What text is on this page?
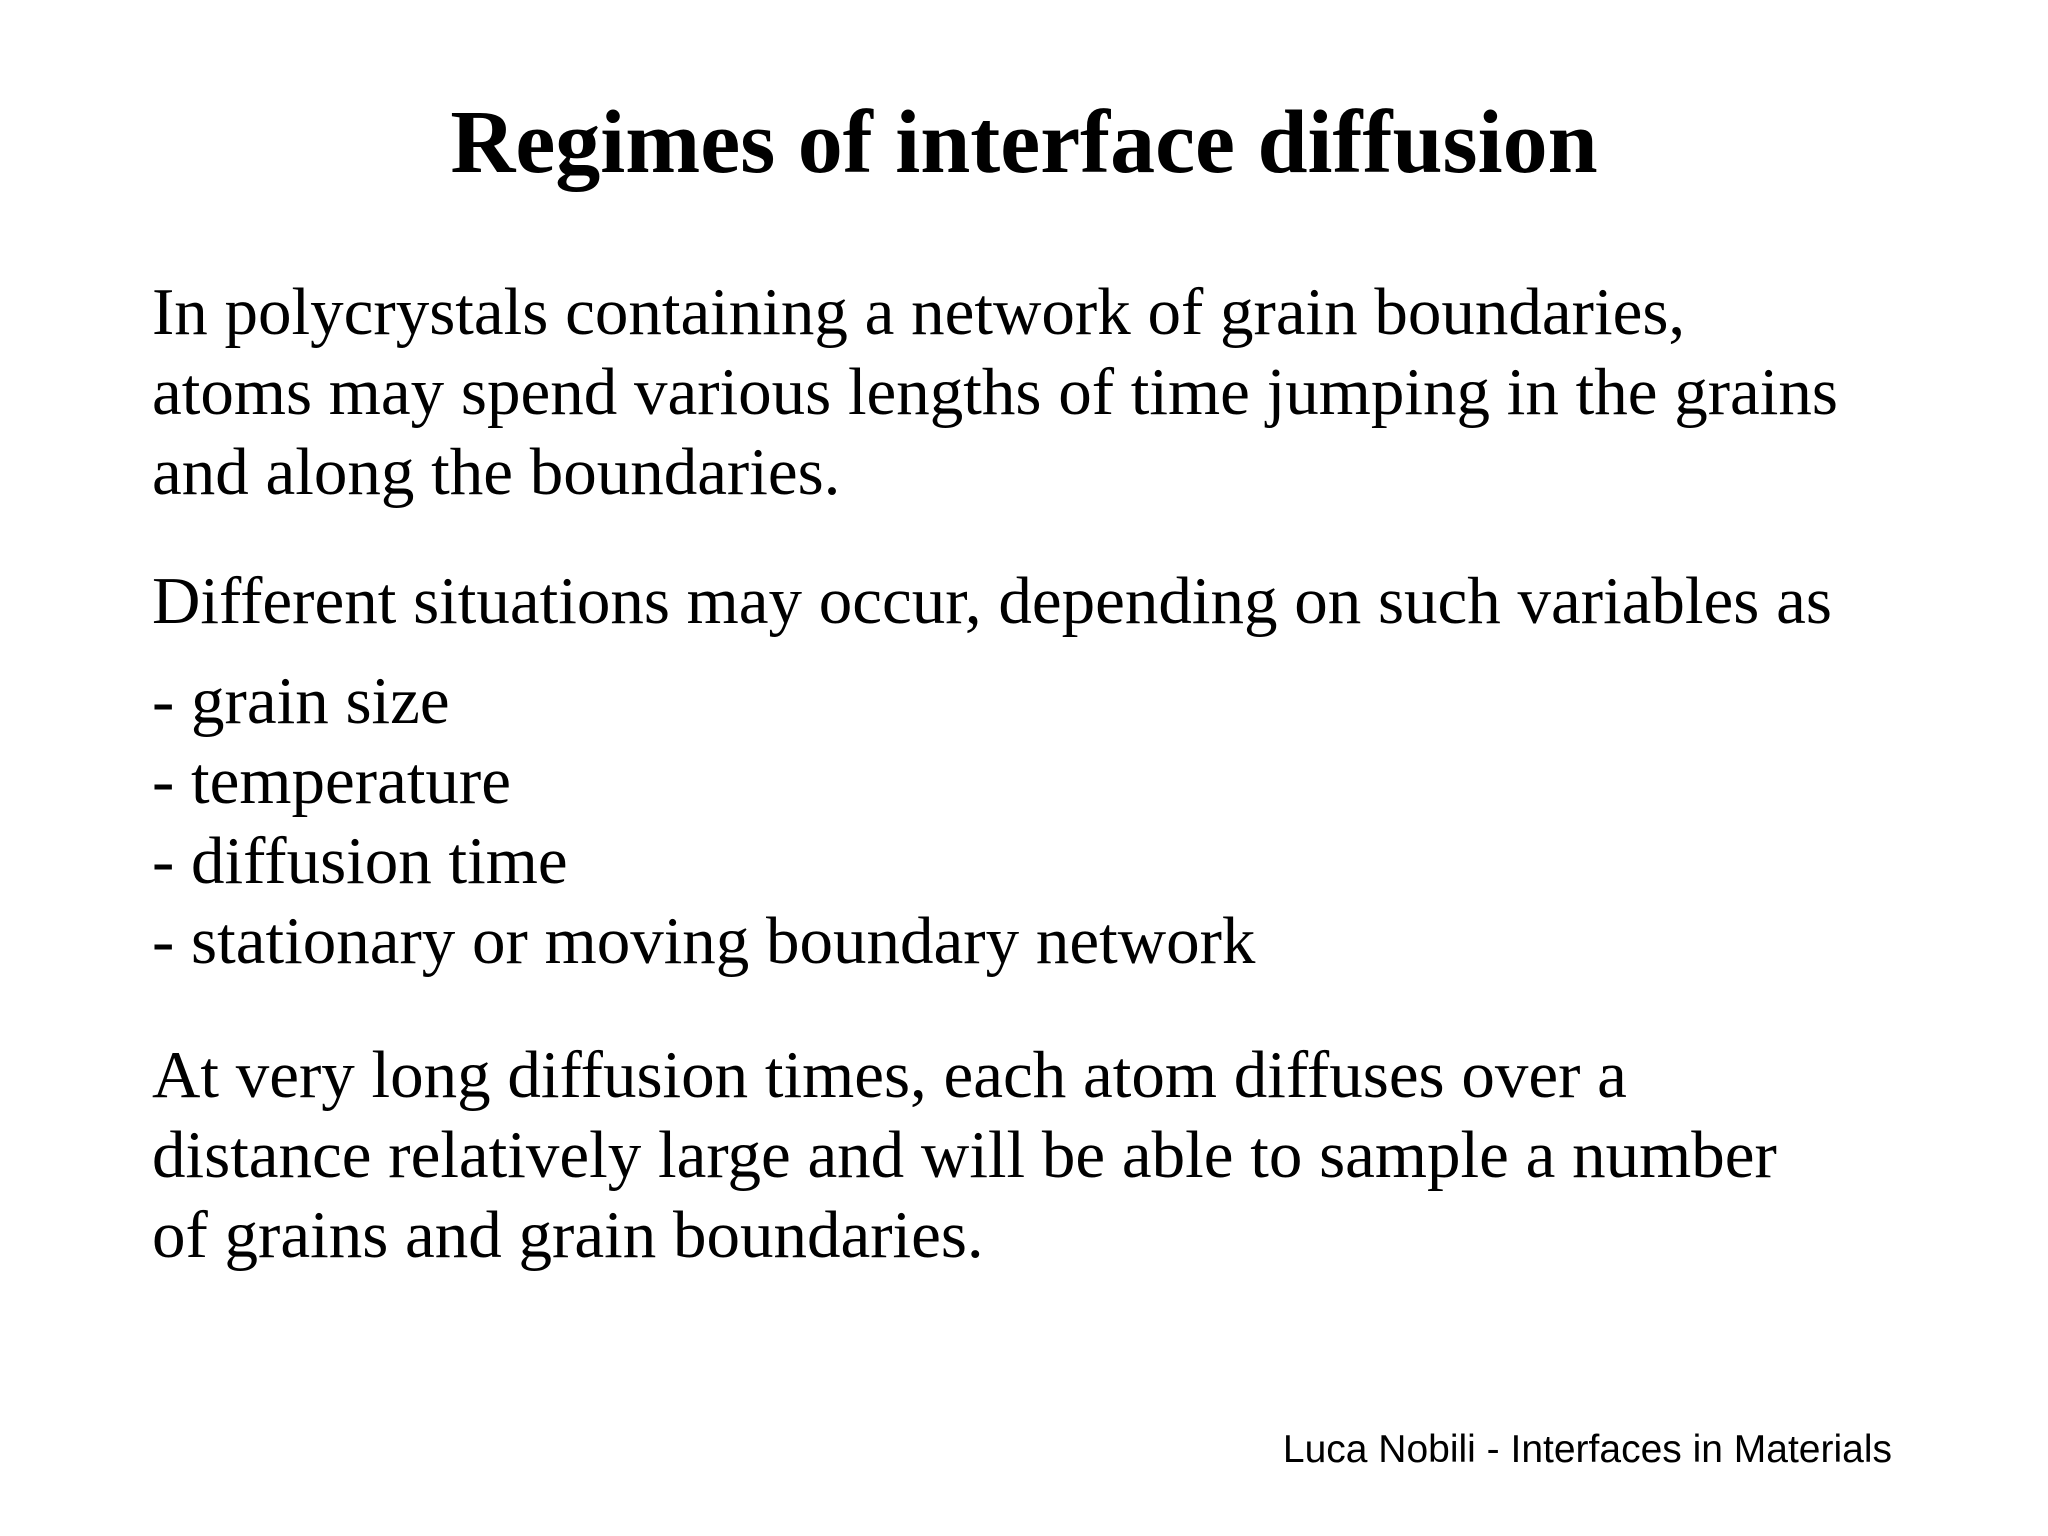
Regimes of interface diffusion
In polycrystals containing a network of grain boundaries,
atoms may spend various lengths of time jumping in the grains
and along the boundaries.
Different situations may occur, depending on such variables as
- grain size
- temperature
- diffusion time
- stationary or moving boundary network
At very long diffusion times, each atom diffuses over a
distance relatively large and will be able to sample a number
of grains and grain boundaries.
Luca Nobili - Interfaces in Materials
